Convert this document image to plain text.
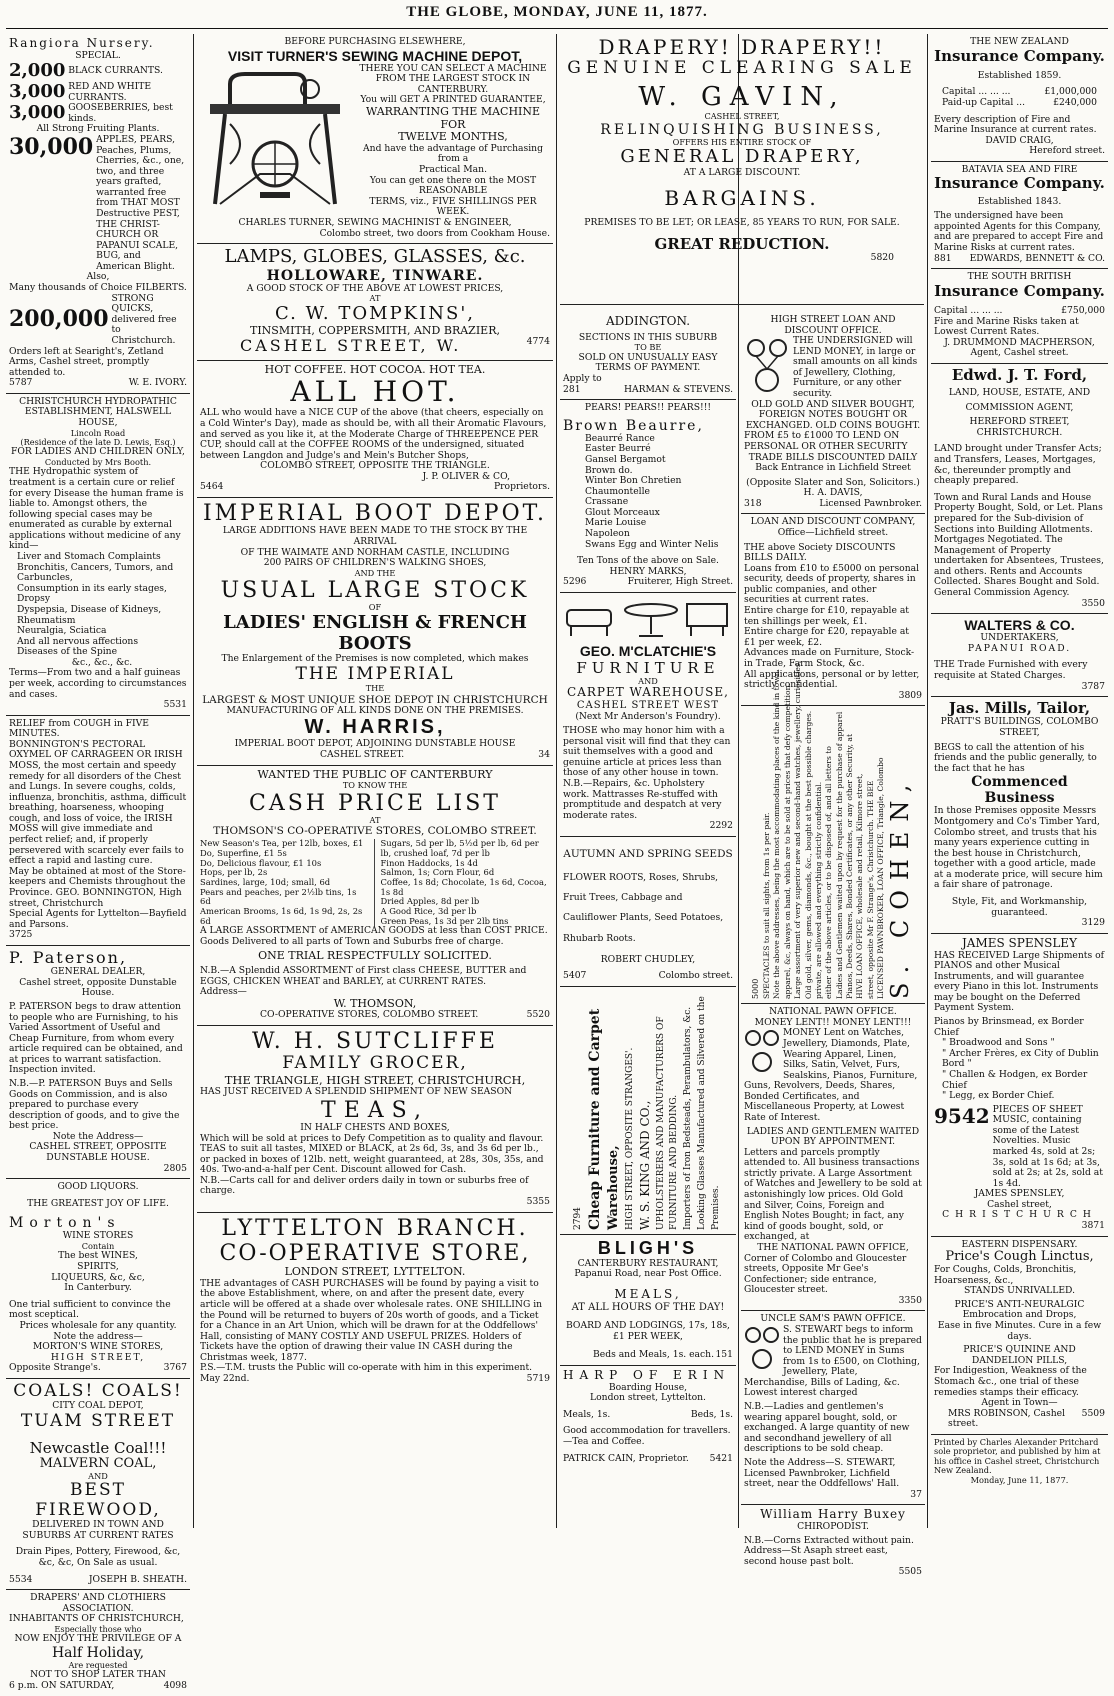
THE GLOBE, MONDAY, JUNE 11, 1877.
Rangiora Nursery.
SPECIAL.
2,000
BLACK CURRANTS.
3,000
RED AND WHITE CURRANTS.
3,000
GOOSEBERRIES, best kinds.
All Strong Fruiting Plants.
30,000
APPLES, PEARS, Peaches, Plums, Cherries, &c., one, two, and three years grafted, warranted free from THAT MOST Destructive PEST, THE CHRIST-CHURCH OR PAPANUI SCALE, BUG, and American Blight.
Also,
Many thousands of Choice FILBERTS.
200,000

STRONG QUICKS, delivered free to Christchurch.
Orders left at Searight's, Zetland Arms, Cashel street, promptly attended to.
5787	W. E. IVORY.
CHRISTCHURCH HYDROPATHIC ESTABLISHMENT, HALSWELL HOUSE,
Lincoln Road
(Residence of the late D. Lewis, Esq.)
FOR LADIES AND CHILDREN ONLY,
Conducted by Mrs Booth.

THE Hydropathic system of treatment is a certain cure or relief for every Disease the human frame is liable to. Amongst others, the following special cases may be enumerated as curable by external applications without medicine of any kind—

Liver and Stomach Complaints
Bronchitis, Cancers, Tumors, and Carbuncles,
Consumption in its early stages, Dropsy
Dyspepsia, Disease of Kidneys, Rheumatism
Neuralgia, Sciatica
And all nervous affections
Diseases of the Spine
&c., &c., &c.

Terms—From two and a half guineas per week, according to circumstances and cases.

5531
RELIEF from COUGH in FIVE MINUTES.

BONNINGTON'S PECTORAL OXYMEL OF CARRAGEEN OR IRISH MOSS, the most certain and speedy remedy for all disorders of the Chest and Lungs. In severe coughs, colds, influenza, bronchitis, asthma, difficult breathing, hoarseness, whooping cough, and loss of voice, the IRISH MOSS will give immediate and perfect relief; and, if properly persevered with scarcely ever fails to effect a rapid and lasting cure.

May be obtained at most of the Store-keepers and Chemists throughout the Province. GEO. BONNINGTON, High street, Christchurch

Special Agents for Lyttelton—Bayfield and Parsons.

3725
P. Paterson,
GENERAL DEALER,
Cashel street, opposite Dunstable House.

P. PATERSON begs to draw attention to people who are Furnishing, to his Varied Assortment of Useful and Cheap Furniture, from whom every article required can be obtained, and at prices to warrant satisfaction. Inspection invited.

N.B.—P. PATERSON Buys and Sells Goods on Commission, and is also prepared to purchase every description of goods, and to give the best price.

Note the Address—
CASHEL STREET, OPPOSITE DUNSTABLE HOUSE.
2805
GOOD LIQUORS.
THE GREATEST JOY OF LIFE.
Morton's
WINE STORES
Contain
The best WINES,
SPIRITS,
LIQUEURS, &c, &c,
In Canterbury.

One trial sufficient to convince the most sceptical.

Prices wholesale for any quantity.
Note the address—
MORTON'S WINE STORES,
HIGH STREET,
Opposite Strange's.	3767
COALS! COALS!
CITY COAL DEPOT,
TUAM STREET
Newcastle Coal!!!
MALVERN COAL,
AND
BEST FIREWOOD,
DELIVERED IN TOWN AND SUBURBS AT CURRENT RATES
Drain Pipes, Pottery, Firewood, &c, &c, &c, On Sale as usual.
5534	JOSEPH B. SHEATH.
DRAPERS' AND CLOTHIERS ASSOCIATION.
INHABITANTS OF CHRISTCHURCH,
Especially those who
NOW ENJOY THE PRIVILEGE OF A
Half Holiday,
Are requested
NOT TO SHOP LATER THAN
6 p.m. ON SATURDAY,	4098
BEFORE PURCHASING ELSEWHERE,
VISIT TURNER'S SEWING MACHINE DEPOT,
THERE YOU CAN SELECT A MACHINE
FROM THE LARGEST STOCK IN
CANTERBURY.
You will GET A PRINTED GUARANTEE,
WARRANTING THE MACHINE FOR
TWELVE MONTHS,
And have the advantage of Purchasing from a
Practical Man.
You can get one there on the MOST REASONABLE
TERMS, viz., FIVE SHILLINGS PER
WEEK.
CHARLES TURNER, SEWING MACHINIST & ENGINEER,
Colombo street, two doors from Cookham House.
LAMPS, GLOBES, GLASSES, &c.
HOLLOWARE, TINWARE.
A GOOD STOCK OF THE ABOVE AT LOWEST PRICES,
AT
C. W. TOMPKINS',
TINSMITH, COPPERSMITH, AND BRAZIER,
CASHEL STREET, W.	4774
HOT COFFEE. HOT COCOA. HOT TEA.
ALL HOT.

ALL who would have a NICE CUP of the above (that cheers, especially on a Cold Winter's Day), made as should be, with all their Aromatic Flavours, and served as you like it, at the Moderate Charge of THREEPENCE PER CUP, should call at the COFFEE ROOMS of the undersigned, situated between Langdon and Judge's and Mein's Butcher Shops,

COLOMBO STREET, OPPOSITE THE TRIANGLE.
J. P. OLIVER & CO,
5464	Proprietors.
IMPERIAL BOOT DEPOT.
LARGE ADDITIONS HAVE BEEN MADE TO THE STOCK BY THE ARRIVAL
OF THE WAIMATE AND NORHAM CASTLE, INCLUDING
200 PAIRS OF CHILDREN'S WALKING SHOES,
AND THE
USUAL LARGE STOCK
OF
LADIES' ENGLISH & FRENCH BOOTS
The Enlargement of the Premises is now completed, which makes
THE IMPERIAL
THE
LARGEST & MOST UNIQUE SHOE DEPOT IN CHRISTCHURCH
MANUFACTURING OF ALL KINDS DONE ON THE PREMISES.
W. HARRIS,
IMPERIAL BOOT DEPOT, ADJOINING DUNSTABLE HOUSE
CASHEL STREET.	34
WANTED THE PUBLIC OF CANTERBURY
TO KNOW THE
CASH PRICE LIST
AT
THOMSON'S CO-OPERATIVE STORES, COLOMBO STREET.
New Season's Tea, per 12lb, boxes, £1
Do, Superfine, £1 5s
Do, Delicious flavour, £1 10s
Hops, per lb, 2s
Sardines, large, 10d; small, 6d
Pears and peaches, per 2½lb tins, 1s 6d
American Brooms, 1s 6d, 1s 9d, 2s, 2s 6d
Sugars, 5d per lb, 5½d per lb, 6d per lb, crushed loaf, 7d per lb
Finon Haddocks, 1s 4d
Salmon, 1s; Corn Flour, 6d
Coffee, 1s 8d; Chocolate, 1s 6d, Cocoa, 1s 8d
Dried Apples, 8d per lb
A Good Rice, 3d per lb
Green Peas, 1s 3d per 2lb tins

A LARGE ASSORTMENT of AMERICAN GOODS at less than COST PRICE. Goods Delivered to all parts of Town and Suburbs free of charge.

ONE TRIAL RESPECTFULLY SOLICITED.

N.B.—A Splendid ASSORTMENT of First class CHEESE, BUTTER and EGGS, CHICKEN WHEAT and BARLEY, at CURRENT RATES.

Address—
W. THOMSON,
CO-OPERATIVE STORES, COLOMBO STREET.	5520
W. H. SUTCLIFFE
FAMILY GROCER,
THE TRIANGLE, HIGH STREET, CHRISTCHURCH,
HAS JUST RECEIVED A SPLENDID SHIPMENT OF NEW SEASON
TEAS,
IN HALF CHESTS AND BOXES,

Which will be sold at prices to Defy Competition as to quality and flavour. TEAS to suit all tastes, MIXED or BLACK, at 2s 6d, 3s, and 3s 6d per lb., or packed in boxes of 12lb. nett, weight guaranteed, at 28s, 30s, 35s, and 40s. Two-and-a-half per Cent. Discount allowed for Cash.

N.B.—Carts call for and deliver orders daily in town or suburbs free of charge.

5355
LYTTELTON BRANCH.
CO-OPERATIVE STORE,
LONDON STREET, LYTTELTON.

THE advantages of CASH PURCHASES will be found by paying a visit to the above Establishment, where, on and after the present date, every article will be offered at a shade over wholesale rates. ONE SHILLING in the Pound will be returned to buyers of 20s worth of goods, and a Ticket for a Chance in an Art Union, which will be drawn for at the Oddfellows' Hall, consisting of MANY COSTLY AND USEFUL PRIZES. Holders of Tickets have the option of drawing their value IN CASH during the Christmas week, 1877.

P.S.—T.M. trusts the Public will co-operate with him in this experiment.

May 22nd.	5719
DRAPERY! DRAPERY!!
GENUINE CLEARING SALE
W. GAVIN,
CASHEL STREET,
RELINQUISHING BUSINESS,
OFFERS HIS ENTIRE STOCK OF
GENERAL DRAPERY,
AT A LARGE DISCOUNT.
BARGAINS.
PREMISES TO BE LET; OR LEASE, 85 YEARS TO RUN, FOR SALE.
GREAT REDUCTION.
5820
ADDINGTON.
SECTIONS IN THIS SUBURB
TO BE
SOLD ON UNUSUALLY EASY TERMS OF PAYMENT.
Apply to
281	HARMAN & STEVENS.
PEARS! PEARS!! PEARS!!!
Brown Beaurre,
Beaurré Rance
Easter Beurré
Gansel Bergamot
Brown do.
Winter Bon Chretien Chaumontelle
Crassane
Glout Morceaux
Marie Louise
Napoleon
Swans Egg and Winter Nelis
Ten Tons of the above on Sale.
HENRY MARKS,
5296	Fruiterer, High Street.
GEO. M'CLATCHIE'S
FURNITURE
AND
CARPET WAREHOUSE,
CASHEL STREET WEST
(Next Mr Anderson's Foundry).

THOSE who may honor him with a personal visit will find that they can suit themselves with a good and genuine article at prices less than those of any other house in town.

N.B.—Repairs, &c. Upholstery work. Mattrasses Re-stuffed with promptitude and despatch at very moderate rates.

2292
AUTUMN AND SPRING SEEDS

FLOWER ROOTS, Roses, Shrubs, Fruit Trees, Cabbage and Cauliflower Plants, Seed Potatoes, Rhubarb Roots.

ROBERT CHUDLEY,
5407	Colombo street.
2794 Cheap Furniture and Carpet Warehouse, HIGH STREET, OPPOSITE STRANGES'. W. S. KING AND CO., UPHOLSTERERS AND MANUFACTURERS OF FURNITURE AND BEDDING. Importers of Iron Bedsteads, Perambulators, &c. Looking Glasses Manufactured and Silvered on the Premises.
BLIGH'S
CANTERBURY RESTAURANT,
Papanui Road, near Post Office.
MEALS,
AT ALL HOURS OF THE DAY!
BOARD AND LODGINGS, 17s, 18s,
£1 PER WEEK,
Beds and Meals, 1s. each. 151
HARP OF ERIN
Boarding House,
London street, Lyttelton.
Meals, 1s.	Beds, 1s.

Good accommodation for travellers.—Tea and Coffee.

PATRICK CAIN, Proprietor. 5421
HIGH STREET LOAN AND DISCOUNT OFFICE.

THE UNDERSIGNED will LEND MONEY, in large or small amounts on all kinds of Jewellery, Clothing, Furniture, or any other security.

OLD GOLD AND SILVER BOUGHT, FOREIGN NOTES BOUGHT OR EXCHANGED. OLD COINS BOUGHT.
FROM £5 to £1000 TO LEND ON PERSONAL OR OTHER SECURITY
TRADE BILLS DISCOUNTED DAILY
Back Entrance in Lichfield Street
(Opposite Slater and Son, Solicitors.)
H. A. DAVIS,
318	Licensed Pawnbroker.
LOAN AND DISCOUNT COMPANY,
Office—Lichfield street.

THE above Society DISCOUNTS BILLS DAILY.

Loans from £10 to £5000 on personal security, deeds of property, shares in public companies, and other securities at current rates.

Entire charge for £10, repayable at ten shillings per week, £1.

Entire charge for £20, repayable at £1 per week, £2.

Advances made on Furniture, Stock-in Trade, Farm Stock, &c.

All applications, personal or by letter, strictly confidential.

3809
5000 SPECTACLES to suit all sights, from 1s per pair. Note the above addresses, being the most accommodating places of the kind in town. apparel, &c, always on hand, which are to be sold at prices that defy competition. Large assortment of very superior new and second-hand watches, jewellery, curiosities, Old gold, silver, gems, diamonds, &c., bought at the best possible charges. private, are allowed and everything strictly confidential. either of the above articles, or to be disposed of, and all letters to Ladies and Gentlemen waited upon by request for the purchase of apparel Pianos, Deeds, Shares, Bonded Certificates, or any other Security, at HIVE LOAN OFFICE, wholesale and retail, Kilmore street, street, opposite Mr F. Strange's, Christchurch. THE BEE LICENSED PAWNBROKER, LOAN OFFICE, Triangle, Colombo S. COHEN,
NATIONAL PAWN OFFICE.
MONEY LENT!! MONEY LENT!!!

MONEY Lent on Watches, Jewellery, Diamonds, Plate, Wearing Apparel, Linen, Silks, Satin, Velvet, Furs, Sealskins, Pianos, Furniture, Guns, Revolvers, Deeds, Shares, Bonded Certificates, and Miscellaneous Property, at Lowest Rate of Interest.

LADIES AND GENTLEMEN WAITED UPON BY APPOINTMENT.

Letters and parcels promptly attended to. All business transactions strictly private. A Large Assortment of Watches and Jewellery to be sold at astonishingly low prices. Old Gold and Silver, Coins, Foreign and English Notes Bought; in fact, any kind of goods bought, sold, or exchanged, at

THE NATIONAL PAWN OFFICE,

Corner of Colombo and Gloucester streets, Opposite Mr Gee's Confectioner; side entrance, Gloucester street.

3350
UNCLE SAM'S PAWN OFFICE.

S. STEWART begs to inform the public that he is prepared to LEND MONEY in Sums from 1s to £500, on Clothing, Jewellery, Plate, Merchandise, Bills of Lading, &c. Lowest interest charged

N.B.—Ladies and gentlemen's wearing apparel bought, sold, or exchanged. A large quantity of new and secondhand jewellery of all descriptions to be sold cheap.

Note the Address—S. STEWART, Licensed Pawnbroker, Lichfield street, near the Oddfellows' Hall.

37
William Harry Buxey
CHIROPODIST.

N.B.—Corns Extracted without pain.

Address—St Asaph street east, second house past bolt.

5505
THE NEW ZEALAND
Insurance Company.
Established 1859.
Capital ... ... ...	£1,000,000
Paid-up Capital ...	£240,000

Every description of Fire and Marine Insurance at current rates.

DAVID CRAIG,
Hereford street.
BATAVIA SEA AND FIRE
Insurance Company.
Established 1843.

The undersigned have been appointed Agents for this Company, and are prepared to accept Fire and Marine Risks at current rates.

881 EDWARDS, BENNETT & CO.
THE SOUTH BRITISH
Insurance Company.
Capital ... ... ...	£750,000

Fire and Marine Risks taken at Lowest Current Rates.

J. DRUMMOND MACPHERSON,
Agent, Cashel street.
Edwd. J. T. Ford,
LAND, HOUSE, ESTATE, AND
COMMISSION AGENT,
HEREFORD STREET, CHRISTCHURCH.

LAND brought under Transfer Acts; and Transfers, Leases, Mortgages, &c, thereunder promptly and cheaply prepared.

Town and Rural Lands and House Property Bought, Sold, or Let. Plans prepared for the Sub-division of Sections into Building Allotments. Mortgages Negotiated. The Management of Property undertaken for Absentees, Trustees, and others. Rents and Accounts Collected. Shares Bought and Sold. General Commission Agency.

3550
WALTERS & CO.
UNDERTAKERS,
PAPANUI ROAD.

THE Trade Furnished with every requisite at Stated Charges.

3787
Jas. Mills, Tailor,
PRATT'S BUILDINGS, COLOMBO
STREET,

BEGS to call the attention of his friends and the public generally, to the fact that he has

Commenced Business

In those Premises opposite Messrs Montgomery and Co's Timber Yard, Colombo street, and trusts that his many years experience cutting in the best house in Christchurch, together with a good article, made at a moderate price, will secure him a fair share of patronage.

Style, Fit, and Workmanship, guaranteed.
3129
JAMES SPENSLEY

HAS RECEIVED Large Shipments of PIANOS and other Musical Instruments, and will guarantee every Piano in this lot. Instruments may be bought on the Deferred Payment System.

Pianos by Brinsmead, ex Border Chief
" Broadwood and Sons "
" Archer Frères, ex City of Dublin
Bord "
" Challen & Hodgen, ex Border
Chief
" Legg, ex Border Chief.
9542 PIECES OF SHEET MUSIC, containing some of the Latest Novelties. Music marked 4s, sold at 2s; 3s, sold at 1s 6d; at 3s, sold at 2s; at 2s, sold at 1s 4d.
JAMES SPENSLEY,
Cashel street,
CHRISTCHURCH
3871
EASTERN DISPENSARY.
Price's Cough Linctus,
For Coughs, Colds, Bronchitis, Hoarseness, &c.,
STANDS UNRIVALLED.
PRICE'S ANTI-NEURALGIC
Embrocation and Drops,
Ease in five Minutes. Cure in a few days.
PRICE'S QUININE AND DANDELION PILLS,

For Indigestion, Weakness of the Stomach &c., one trial of these remedies stamps their efficacy.

Agent in Town—
MRS ROBINSON, Cashel street.
5509

Printed by Charles Alexander Pritchard sole proprietor, and published by him at his office in Cashel street, Christchurch New Zealand.

Monday, June 11, 1877.
